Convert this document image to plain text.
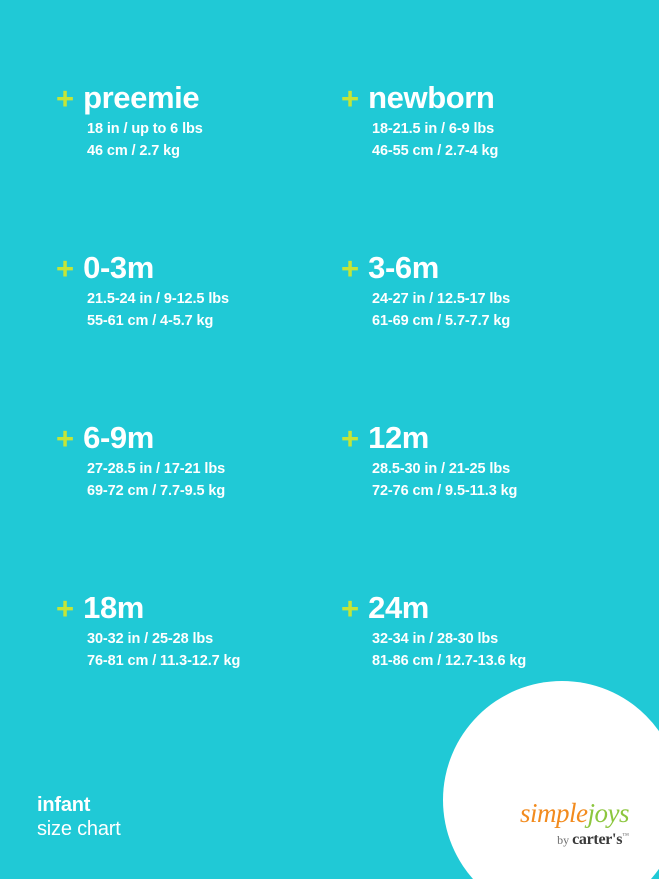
+ preemie
18 in / up to 6 lbs
46 cm / 2.7 kg
+ newborn
18-21.5 in / 6-9 lbs
46-55 cm / 2.7-4 kg
+ 0-3m
21.5-24 in / 9-12.5 lbs
55-61 cm / 4-5.7 kg
+ 3-6m
24-27 in / 12.5-17 lbs
61-69 cm / 5.7-7.7 kg
+ 6-9m
27-28.5 in / 17-21 lbs
69-72 cm / 7.7-9.5 kg
+ 12m
28.5-30 in / 21-25 lbs
72-76 cm / 9.5-11.3 kg
+ 18m
30-32 in / 25-28 lbs
76-81 cm / 11.3-12.7 kg
+ 24m
32-34 in / 28-30 lbs
81-86 cm / 12.7-13.6 kg
infant
size chart
simplejoys
by carter's™
